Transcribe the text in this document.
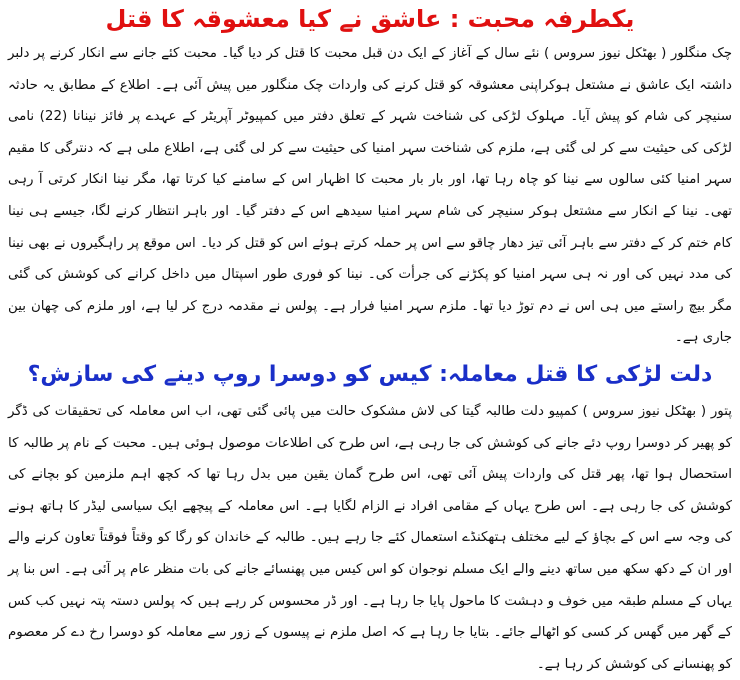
یکطرفہ محبت : عاشق نے کیا معشوقہ کا قتل

چک منگلور ( بھٹکل نیوز سروس ) نئے سال کے آغاز کے ایک دن قبل محبت کا قتل کر دیا گیا۔ محبت کئے جانے سے انکار کرنے پر دلبر داشتہ ایک عاشق نے مشتعل ہوکراپنی معشوقہ کو قتل کرنے کی واردات چک منگلور میں پیش آئی ہے۔ اطلاع کے مطابق یہ حادثہ سنیچر کی شام کو پیش آیا۔ مہلوک لڑکی کی شناخت شہر کے تعلق دفتر میں کمپیوٹر آپریٹر کے عہدے پر فائز نینانا (22) نامی لڑکی کی حیثیت سے کر لی گئی ہے، ملزم کی شناخت سہر امنیا کی حیثیت سے کر لی گئی ہے، اطلاع ملی ہے کہ دنترگی کا مقیم سہر امنیا کئی سالوں سے نینا کو چاہ رہا تھا، اور بار بار محبت کا اظہار اس کے سامنے کیا کرتا تھا، مگر نینا انکار کرتی آ رہی تھی۔ نینا کے انکار سے مشتعل ہوکر سنیچر کی شام سہر امنیا سیدھے اس کے دفتر گیا۔ اور باہر انتظار کرنے لگا، جیسے ہی نینا کام ختم کر کے دفتر سے باہر آئی تیز دھار چاقو سے اس پر حملہ کرتے ہوئے اس کو قتل کر دیا۔ اس موقع پر راہگیروں نے بھی نینا کی مدد نہیں کی اور نہ ہی سہر امنیا کو پکڑنے کی جرأت کی۔ نینا کو فوری طور اسپتال میں داخل کرانے کی کوشش کی گئی مگر بیچ راستے میں ہی اس نے دم توڑ دیا تھا۔ ملزم سہر امنیا فرار ہے۔ پولس نے مقدمہ درج کر لیا ہے، اور ملزم کی چھان بین جاری ہے۔

دلت لڑکی کا قتل معاملہ: کیس کو دوسرا روپ دینے کی سازش؟

پتور ( بھٹکل نیوز سروس ) کمپیو دلت طالبہ گیتا کی لاش مشکوک حالت میں پائی گئی تھی، اب اس معاملہ کی تحقیقات کی ڈگر کو پھیر کر دوسرا روپ دئے جانے کی کوشش کی جا رہی ہے، اس طرح کی اطلاعات موصول ہوئی ہیں۔ محبت کے نام پر طالبہ کا استحصال ہوا تھا، پھر قتل کی واردات پیش آئی تھی، اس طرح گمان یقین میں بدل رہا تھا کہ کچھ اہم ملزمین کو بچانے کی کوشش کی جا رہی ہے۔ اس طرح یہاں کے مقامی افراد نے الزام لگایا ہے۔ اس معاملہ کے پیچھے ایک سیاسی لیڈر کا ہاتھ ہونے کی وجہ سے اس کے بچاؤ کے لیے مختلف ہتھکنڈے استعمال کئے جا رہے ہیں۔ طالبہ کے خاندان کو رگا کو وقتاً فوقتاً تعاون کرنے والے اور ان کے دکھ سکھ میں ساتھ دینے والے ایک مسلم نوجوان کو اس کیس میں پھنسائے جانے کی بات منظر عام پر آئی ہے۔ اس بنا پر یہاں کے مسلم طبقہ میں خوف و دہشت کا ماحول پایا جا رہا ہے۔ اور ڈر محسوس کر رہے ہیں کہ پولس دستہ پتہ نہیں کب کس کے گھر میں گھس کر کسی کو اٹھالے جائے۔ بتایا جا رہا ہے کہ اصل ملزم نے پیسوں کے زور سے معاملہ کو دوسرا رخ دے کر معصوم کو پھنسانے کی کوشش کر رہا ہے۔
